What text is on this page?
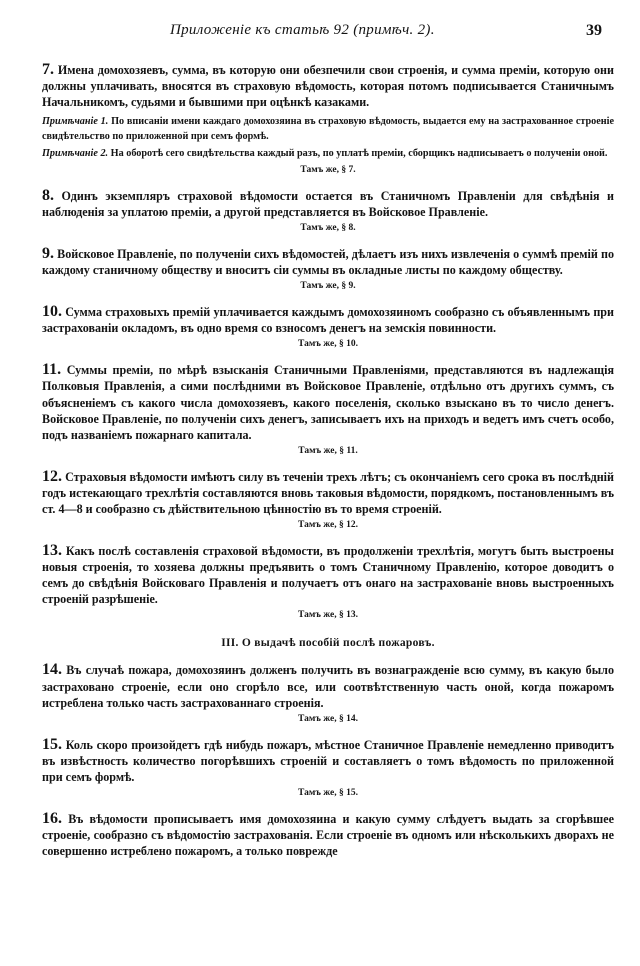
Приложеніе къ статьѣ 92 (примѣч. 2).	39

7. Имена домохозяевъ, сумма, въ которую они обезпечили свои строенія, и сумма преміи, которую они должны уплачивать, вносятся въ страховую вѣдомость, которая потомъ подписывается Станичнымъ Начальникомъ, судьями и бывшими при оцѣнкѣ казаками.

Примѣчаніе 1. По вписаніи имени каждаго домохозяина въ страховую вѣдомость, выдается ему на застрахованное строеніе свидѣтельство по приложенной при семъ формѣ.

Примѣчаніе 2. На оборотѣ сего свидѣтельства каждый разъ, по уплатѣ преміи, сборщикъ надписываетъ о полученіи оной.

Тамъ же, § 7.

8. Одинъ экземпляръ страховой вѣдомости остается въ Станичномъ Правленіи для свѣдѣнія и наблюденія за уплатою преміи, а другой представляется въ Войсковое Правленіе.

Тамъ же, § 8.

9. Войсковое Правленіе, по полученіи сихъ вѣдомостей, дѣлаетъ изъ нихъ извлеченія о суммѣ премій по каждому станичному обществу и вноситъ сіи суммы въ окладные листы по каждому обществу.

Тамъ же, § 9.

10. Сумма страховыхъ премій уплачивается каждымъ домохозяиномъ сообразно съ объявленнымъ при застрахованіи окладомъ, въ одно время со взносомъ денегъ на земскія повинности.

Тамъ же, § 10.

11. Суммы преміи, по мѣрѣ взысканія Станичными Правленіями, представляются въ надлежащія Полковыя Правленія, а сими послѣдними въ Войсковое Правленіе, отдѣльно отъ другихъ суммъ, съ объясненіемъ съ какого числа домохозяевъ, какого поселенія, сколько взыскано въ то число денегъ. Войсковое Правленіе, по полученіи сихъ денегъ, записываетъ ихъ на приходъ и ведетъ имъ счетъ особо, подъ названіемъ пожарнаго капитала.

Тамъ же, § 11.

12. Страховыя вѣдомости имѣютъ силу въ теченіи трехъ лѣтъ; съ окончаніемъ сего срока въ послѣдній годъ истекающаго трехлѣтія составляются вновь таковыя вѣдомости, порядкомъ, постановленнымъ въ ст. 4—8 и сообразно съ дѣйствительною цѣнностію въ то время строеній.

Тамъ же, § 12.

13. Какъ послѣ составленія страховой вѣдомости, въ продолженіи трехлѣтія, могутъ быть выстроены новыя строенія, то хозяева должны предъявить о томъ Станичному Правленію, которое доводитъ о семъ до свѣдѣнія Войсковаго Правленія и получаетъ отъ онаго на застрахованіе вновь выстроенныхъ строеній разрѣшеніе.

Тамъ же, § 13.

III. О выдачѣ пособій послѣ пожаровъ.

14. Въ случаѣ пожара, домохозяинъ долженъ получить въ вознагражденіе всю сумму, въ какую было застраховано строеніе, если оно сгорѣло все, или соотвѣтственную часть оной, когда пожаромъ истреблена только часть застрахованнаго строенія.

Тамъ же, § 14.

15. Коль скоро произойдетъ гдѣ нибудь пожаръ, мѣстное Станичное Правленіе немедленно приводитъ въ извѣстность количество погорѣвшихъ строеній и составляетъ о томъ вѣдомость по приложенной при семъ формѣ.

Тамъ же, § 15.

16. Въ вѣдомости прописываетъ имя домохозяина и какую сумму слѣдуетъ выдать за сгорѣвшее строеніе, сообразно съ вѣдомостію застрахованія. Если строеніе въ одномъ или нѣсколькихъ дворахъ не совершенно истреблено пожаромъ, а только поврежде
